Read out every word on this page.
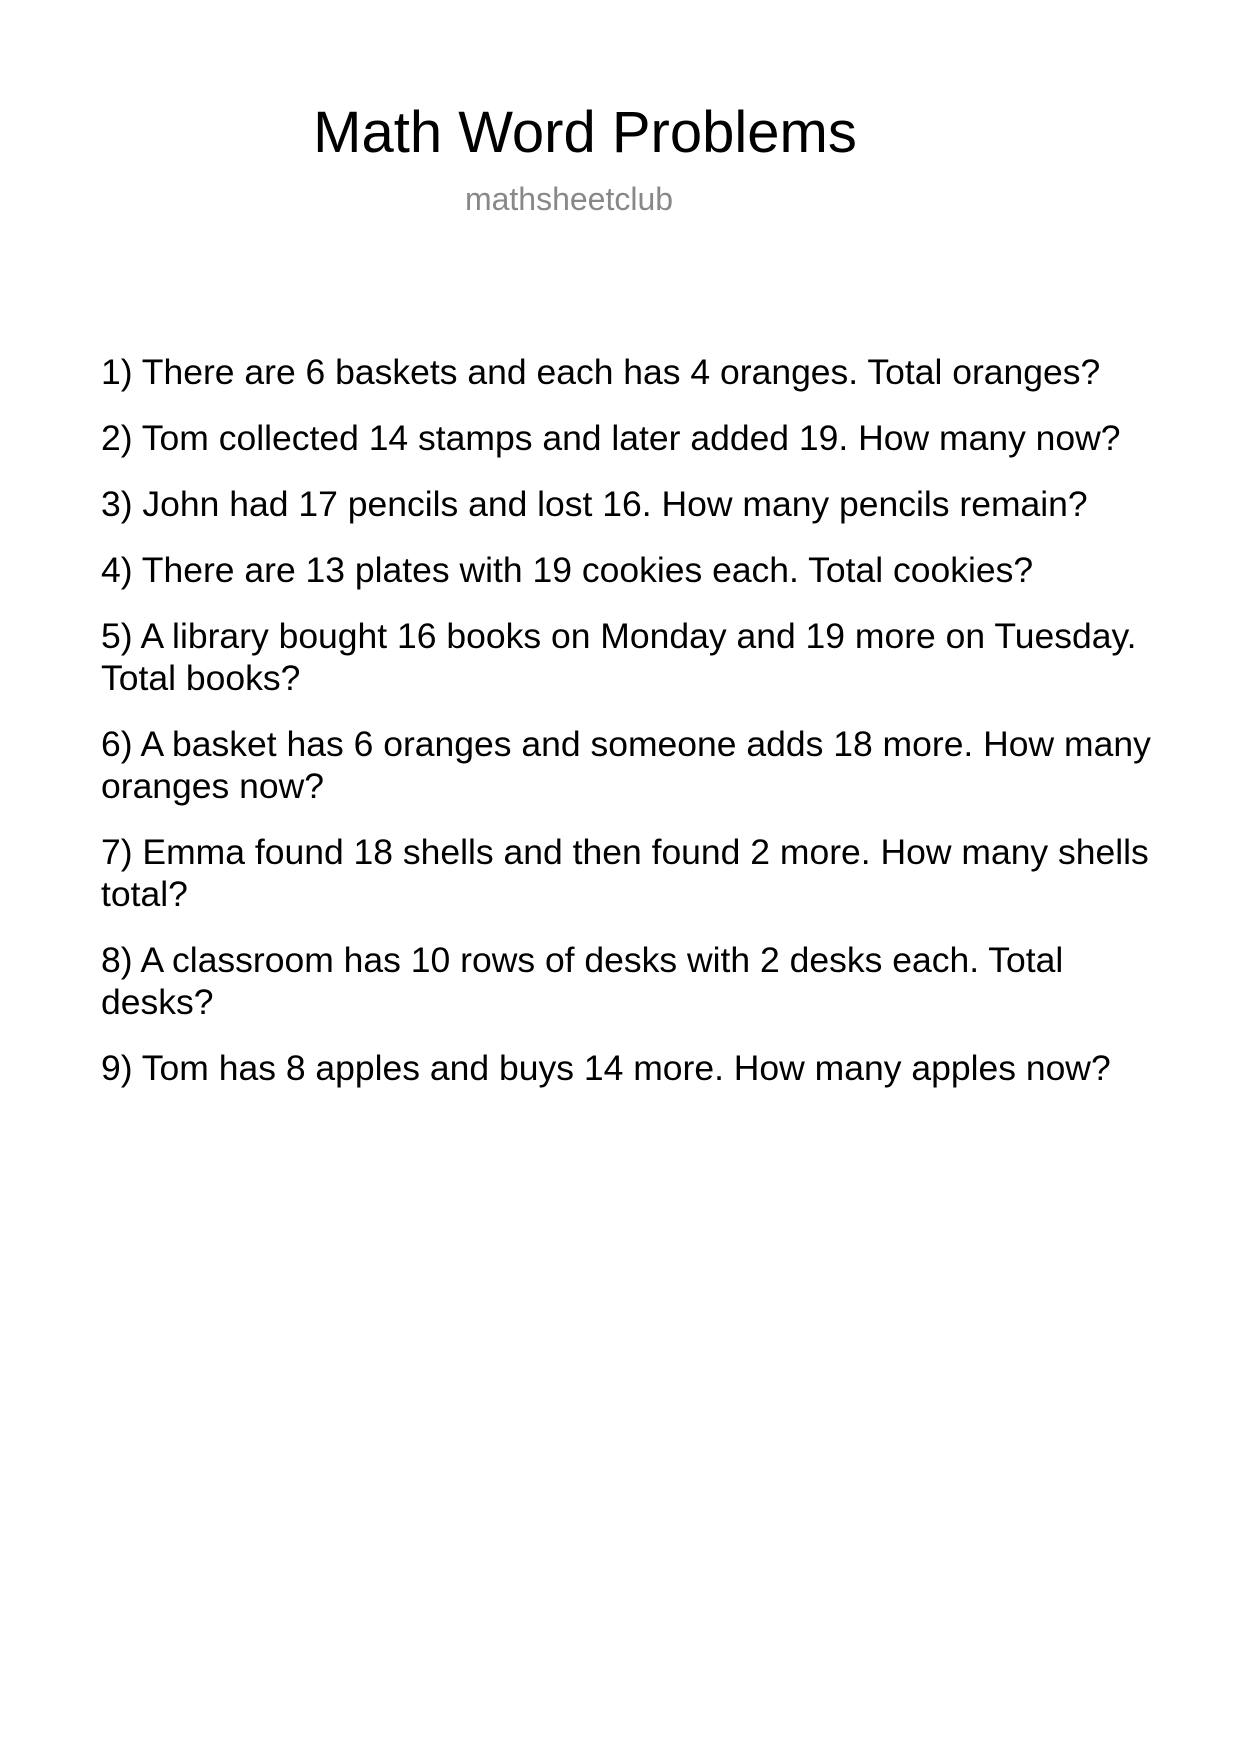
Math Word Problems
mathsheetclub
1) There are 6 baskets and each has 4 oranges. Total oranges?
2) Tom collected 14 stamps and later added 19. How many now?
3) John had 17 pencils and lost 16. How many pencils remain?
4) There are 13 plates with 19 cookies each. Total cookies?
5) A library bought 16 books on Monday and 19 more on Tuesday.
Total books?
6) A basket has 6 oranges and someone adds 18 more. How many
oranges now?
7) Emma found 18 shells and then found 2 more. How many shells
total?
8) A classroom has 10 rows of desks with 2 desks each. Total
desks?
9) Tom has 8 apples and buys 14 more. How many apples now?
